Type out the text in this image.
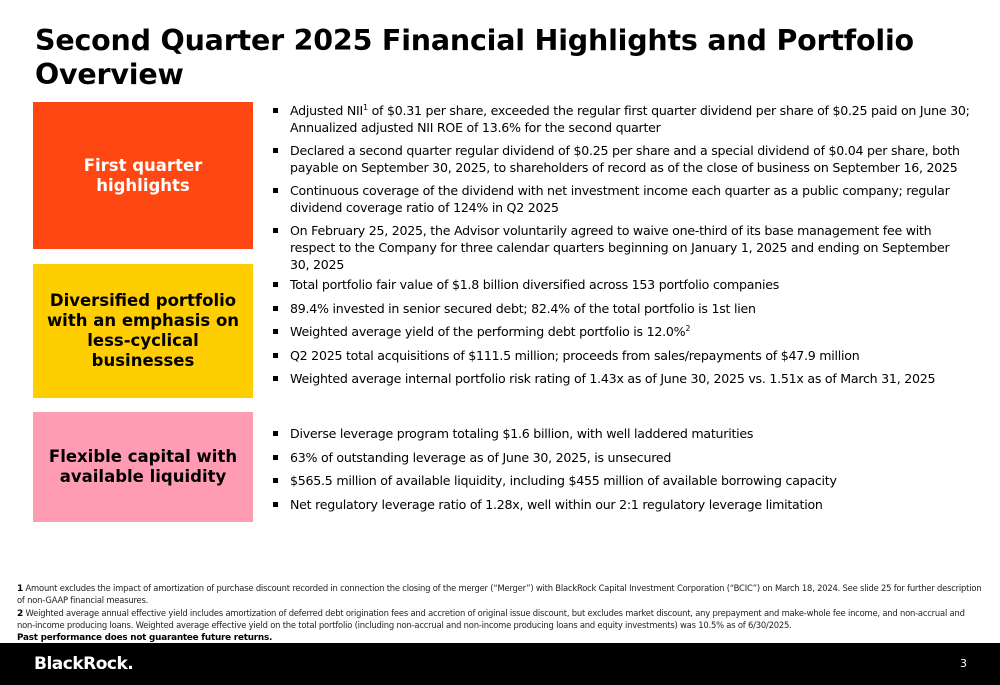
Second Quarter 2025 Financial Highlights and Portfolio Overview
First quarter highlights
Adjusted NII$^1$ of $0.31 per share, exceeded the regular first quarter dividend per share of $0.25 paid on June 30; Annualized adjusted NII ROE of 13.6% for the second quarter
Declared a second quarter regular dividend of $0.25 per share and a special dividend of $0.04 per share, both payable on September 30, 2025, to shareholders of record as of the close of business on September 16, 2025
Continuous coverage of the dividend with net investment income each quarter as a public company; regular dividend coverage ratio of 124% in Q2 2025
On February 25, 2025, the Advisor voluntarily agreed to waive one-third of its base management fee with respect to the Company for three calendar quarters beginning on January 1, 2025 and ending on September 30, 2025
Diversified portfolio with an emphasis on less-cyclical businesses
Total portfolio fair value of $1.8 billion diversified across 153 portfolio companies
89.4% invested in senior secured debt; 82.4% of the total portfolio is 1st lien
Weighted average yield of the performing debt portfolio is 12.0%$^2$
Q2 2025 total acquisitions of $111.5 million; proceeds from sales/repayments of $47.9 million
Weighted average internal portfolio risk rating of 1.43x as of June 30, 2025 vs. 1.51x as of March 31, 2025
Flexible capital with available liquidity
Diverse leverage program totaling $1.6 billion, with well laddered maturities
63% of outstanding leverage as of June 30, 2025, is unsecured
$565.5 million of available liquidity, including $455 million of available borrowing capacity
Net regulatory leverage ratio of 1.28x, well within our 2:1 regulatory leverage limitation

1 Amount excludes the impact of amortization of purchase discount recorded in connection the closing of the merger (“Merger”) with BlackRock Capital Investment Corporation (“BCIC”) on March 18, 2024. See slide 25 for further description of non-GAAP financial measures.

2 Weighted average annual effective yield includes amortization of deferred debt origination fees and accretion of original issue discount, but excludes market discount, any prepayment and make-whole fee income, and non-accrual and non-income producing loans. Weighted average effective yield on the total portfolio (including non-accrual and non-income producing loans and equity investments) was 10.5% as of 6/30/2025.

Past performance does not guarantee future returns.

BlackRock.	3
